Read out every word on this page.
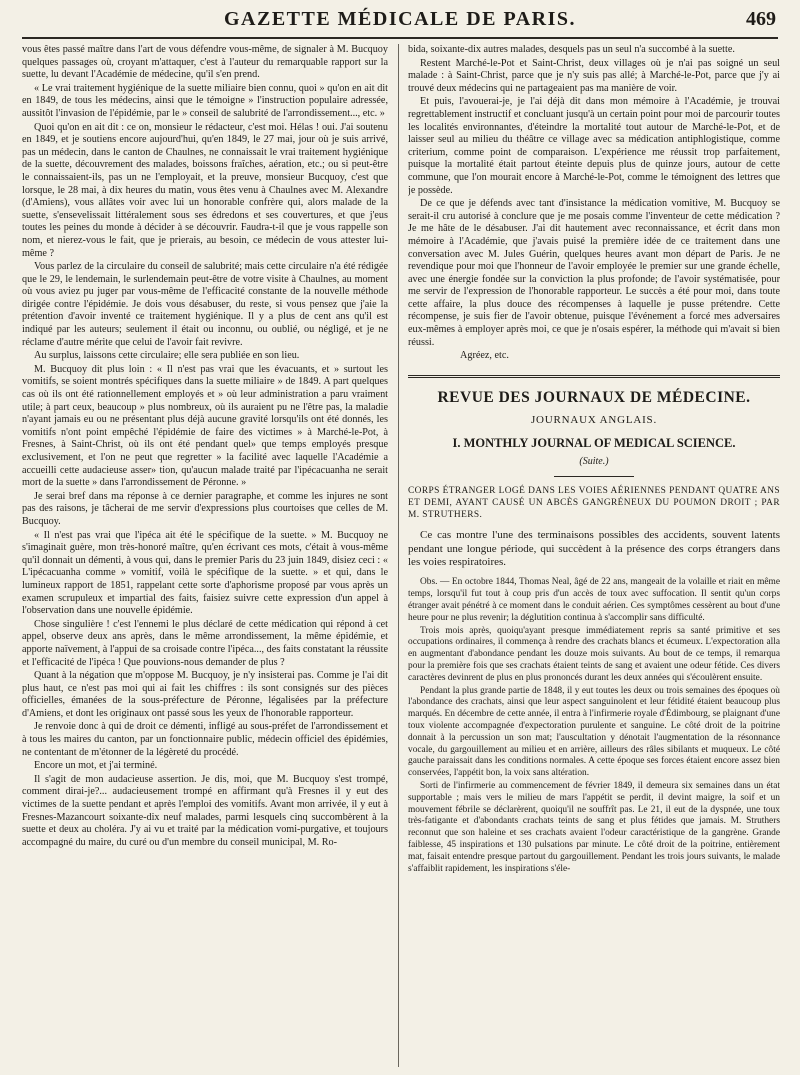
GAZETTE MÉDICALE DE PARIS.	469

vous êtes passé maître dans l'art de vous défendre vous-même, de signaler à M. Bucquoy quelques passages où, croyant m'attaquer, c'est à l'auteur du remarquable rapport sur la suette, lu devant l'Académie de médecine, qu'il s'en prend.

« Le vrai traitement hygiénique de la suette miliaire bien connu, quoi » qu'on en ait dit en 1849, de tous les médecins, ainsi que le témoigne » l'instruction populaire adressée, aussitôt l'invasion de l'épidémie, par le » conseil de salubrité de l'arrondissement..., etc. »

Quoi qu'on en ait dit : ce on, monsieur le rédacteur, c'est moi. Hélas ! oui. J'ai soutenu en 1849, et je soutiens encore aujourd'hui, qu'en 1849, le 27 mai, jour où je suis arrivé, pas un médecin, dans le canton de Chaulnes, ne connaissait le vrai traitement hygiénique de la suette, découvrement des malades, boissons fraîches, aération, etc.; ou si peut-être le connaissaient-ils, pas un ne l'employait, et la preuve, monsieur Bucquoy, c'est que lorsque, le 28 mai, à dix heures du matin, vous êtes venu à Chaulnes avec M. Alexandre (d'Amiens), vous allâtes voir avec lui un honorable confrère qui, alors malade de la suette, s'ensevelissait littéralement sous ses édredons et ses couvertures, et que j'eus toutes les peines du monde à décider à se découvrir. Faudra-t-il que je vous rappelle son nom, et nierez-vous le fait, que je prierais, au besoin, ce médecin de vous attester lui-même ?

Vous parlez de la circulaire du conseil de salubrité; mais cette circulaire n'a été rédigée que le 29, le lendemain, le surlendemain peut-être de votre visite à Chaulnes, au moment où vous aviez pu juger par vous-même de l'efficacité constante de la nouvelle méthode dirigée contre l'épidémie. Je dois vous désabuser, du reste, si vous pensez que j'aie la prétention d'avoir inventé ce traitement hygiénique. Il y a plus de cent ans qu'il est indiqué par les auteurs; seulement il était ou inconnu, ou oublié, ou négligé, et je ne réclame d'autre mérite que celui de l'avoir fait revivre.

Au surplus, laissons cette circulaire; elle sera publiée en son lieu.

M. Bucquoy dit plus loin : « Il n'est pas vrai que les évacuants, et » surtout les vomitifs, se soient montrés spécifiques dans la suette miliaire » de 1849. A part quelques cas où ils ont été rationnellement employés et » où leur administration a paru vraiment utile; à part ceux, beaucoup » plus nombreux, où ils auraient pu ne l'être pas, la maladie n'ayant jamais eu ou ne présentant plus déjà aucune gravité lorsqu'ils ont été donnés, les vomitifs n'ont point empêché l'épidémie de faire des victimes » à Marché-le-Pot, à Fresnes, à Saint-Christ, où ils ont été pendant quel» que temps employés presque exclusivement, et l'on ne peut que regretter » la facilité avec laquelle l'Académie a accueilli cette audacieuse asser» tion, qu'aucun malade traité par l'ipécacuanha ne serait mort de la suette » dans l'arrondissement de Péronne. »

Je serai bref dans ma réponse à ce dernier paragraphe, et comme les injures ne sont pas des raisons, je tâcherai de me servir d'expressions plus courtoises que celles de M. Bucquoy.

« Il n'est pas vrai que l'ipéca ait été le spécifique de la suette. » M. Bucquoy ne s'imaginait guère, mon très-honoré maître, qu'en écrivant ces mots, c'était à vous-même qu'il donnait un démenti, à vous qui, dans le premier Paris du 23 juin 1849, disiez ceci : « L'ipécacuanha comme » vomitif, voilà le spécifique de la suette. » et qui, dans le lumineux rapport de 1851, rappelant cette sorte d'aphorisme proposé par vous après un examen scrupuleux et impartial des faits, faisiez suivre cette expression d'un appel à l'observation dans une nouvelle épidémie.

Chose singulière ! c'est l'ennemi le plus déclaré de cette médication qui répond à cet appel, observe deux ans après, dans le même arrondissement, la même épidémie, et apporte naïvement, à l'appui de sa croisade contre l'ipéca..., des faits constatant la réussite et l'efficacité de l'ipéca ! Que pouvions-nous demander de plus ?

Quant à la négation que m'oppose M. Bucquoy, je n'y insisterai pas. Comme je l'ai dit plus haut, ce n'est pas moi qui ai fait les chiffres : ils sont consignés sur des pièces officielles, émanées de la sous-préfecture de Péronne, légalisées par la préfecture d'Amiens, et dont les originaux ont passé sous les yeux de l'honorable rapporteur.

Je renvoie donc à qui de droit ce démenti, infligé au sous-préfet de l'arrondissement et à tous les maires du canton, par un fonctionnaire public, médecin officiel des épidémies, ne contentant de m'étonner de la légèreté du procédé.

Encore un mot, et j'ai terminé.

Il s'agit de mon audacieuse assertion. Je dis, moi, que M. Bucquoy s'est trompé, comment dirai-je?... audacieusement trompé en affirmant qu'à Fresnes il y eut des victimes de la suette pendant et après l'emploi des vomitifs. Avant mon arrivée, il y eut à Fresnes-Mazancourt soixante-dix neuf malades, parmi lesquels cinq succombèrent à la suette et deux au choléra. J'y ai vu et traité par la médication vomi-purgative, et toujours accompagné du maire, du curé ou d'un membre du conseil municipal, M. Ro-

bida, soixante-dix autres malades, desquels pas un seul n'a succombé à la suette.

Restent Marché-le-Pot et Saint-Christ, deux villages où je n'ai pas soigné un seul malade : à Saint-Christ, parce que je n'y suis pas allé; à Marché-le-Pot, parce que j'y ai trouvé deux médecins qui ne partageaient pas ma manière de voir.

Et puis, l'avouerai-je, je l'ai déjà dit dans mon mémoire à l'Académie, je trouvai regrettablement instructif et concluant jusqu'à un certain point pour moi de parcourir toutes les localités environnantes, d'éteindre la mortalité tout autour de Marché-le-Pot, et de laisser seul au milieu du théâtre ce village avec sa médication antiphlogistique, comme criterium, comme point de comparaison. L'expérience me réussit trop parfaitement, puisque la mortalité était partout éteinte depuis plus de quinze jours, autour de cette commune, que l'on mourait encore à Marché-le-Pot, comme le témoignent des lettres que je possède.

De ce que je défends avec tant d'insistance la médication vomitive, M. Bucquoy se serait-il cru autorisé à conclure que je me posais comme l'inventeur de cette médication ? Je me hâte de le désabuser. J'ai dit hautement avec reconnaissance, et écrit dans mon mémoire à l'Académie, que j'avais puisé la première idée de ce traitement dans une conversation avec M. Jules Guérin, quelques heures avant mon départ de Paris. Je ne revendique pour moi que l'honneur de l'avoir employée le premier sur une grande échelle, avec une énergie fondée sur la conviction la plus profonde; de l'avoir systématisée, pour me servir de l'expression de l'honorable rapporteur. Le succès a été pour moi, dans toute cette affaire, la plus douce des récompenses à laquelle je pusse prétendre. Cette récompense, je suis fier de l'avoir obtenue, puisque l'événement a forcé mes adversaires eux-mêmes à employer après moi, ce que je n'osais espérer, la méthode qui m'avait si bien réussi.

Agréez, etc.

REVUE DES JOURNAUX DE MÉDECINE.
JOURNAUX ANGLAIS.
I. MONTHLY JOURNAL OF MEDICAL SCIENCE.
(Suite.)

CORPS ÉTRANGER LOGÉ DANS LES VOIES AÉRIENNES PENDANT QUATRE ANS ET DEMI, AYANT CAUSÉ UN ABCÈS GANGRÉNEUX DU POUMON DROIT ; PAR M. STRUTHERS.

Ce cas montre l'une des terminaisons possibles des accidents, souvent latents pendant une longue période, qui succèdent à la présence des corps étrangers dans les voies respiratoires.

Obs. — En octobre 1844, Thomas Neal, âgé de 22 ans, mangeait de la volaille et riait en même temps, lorsqu'il fut tout à coup pris d'un accès de toux avec suffocation. Il sentit qu'un corps étranger avait pénétré à ce moment dans le conduit aérien. Ces symptômes cessèrent au bout d'une heure pour ne plus revenir; la déglutition continua à s'accomplir sans difficulté.

Trois mois après, quoiqu'ayant presque immédiatement repris sa santé primitive et ses occupations ordinaires, il commença à rendre des crachats blancs et écumeux. L'expectoration alla en augmentant d'abondance pendant les douze mois suivants. Au bout de ce temps, il remarqua pour la première fois que ses crachats étaient teints de sang et avaient une odeur fétide. Ces divers caractères devinrent de plus en plus prononcés durant les deux années qui s'écoulèrent ensuite.

Pendant la plus grande partie de 1848, il y eut toutes les deux ou trois semaines des époques où l'abondance des crachats, ainsi que leur aspect sanguinolent et leur fétidité étaient beaucoup plus marqués. En décembre de cette année, il entra à l'infirmerie royale d'Édimbourg, se plaignant d'une toux violente accompagnée d'expectoration purulente et sanguine. Le côté droit de la poitrine donnait à la percussion un son mat; l'auscultation y dénotait l'augmentation de la résonnance vocale, du gargouillement au milieu et en arrière, ailleurs des râles sibilants et muqueux. Le côté gauche paraissait dans les conditions normales. A cette époque ses forces étaient encore assez bien conservées, l'appétit bon, la voix sans altération.

Sorti de l'infirmerie au commencement de février 1849, il demeura six semaines dans un état supportable ; mais vers le milieu de mars l'appétit se perdit, il devint maigre, la soif et un mouvement fébrile se déclarèrent, quoiqu'il ne souffrît pas. Le 21, il eut de la dyspnée, une toux très-fatigante et d'abondants crachats teints de sang et plus fétides que jamais. M. Struthers reconnut que son haleine et ses crachats avaient l'odeur caractéristique de la gangrène. Grande faiblesse, 45 inspirations et 130 pulsations par minute. Le côté droit de la poitrine, entièrement mat, faisait entendre presque partout du gargouillement. Pendant les trois jours suivants, le malade s'affaiblit rapidement, les inspirations s'éle-
